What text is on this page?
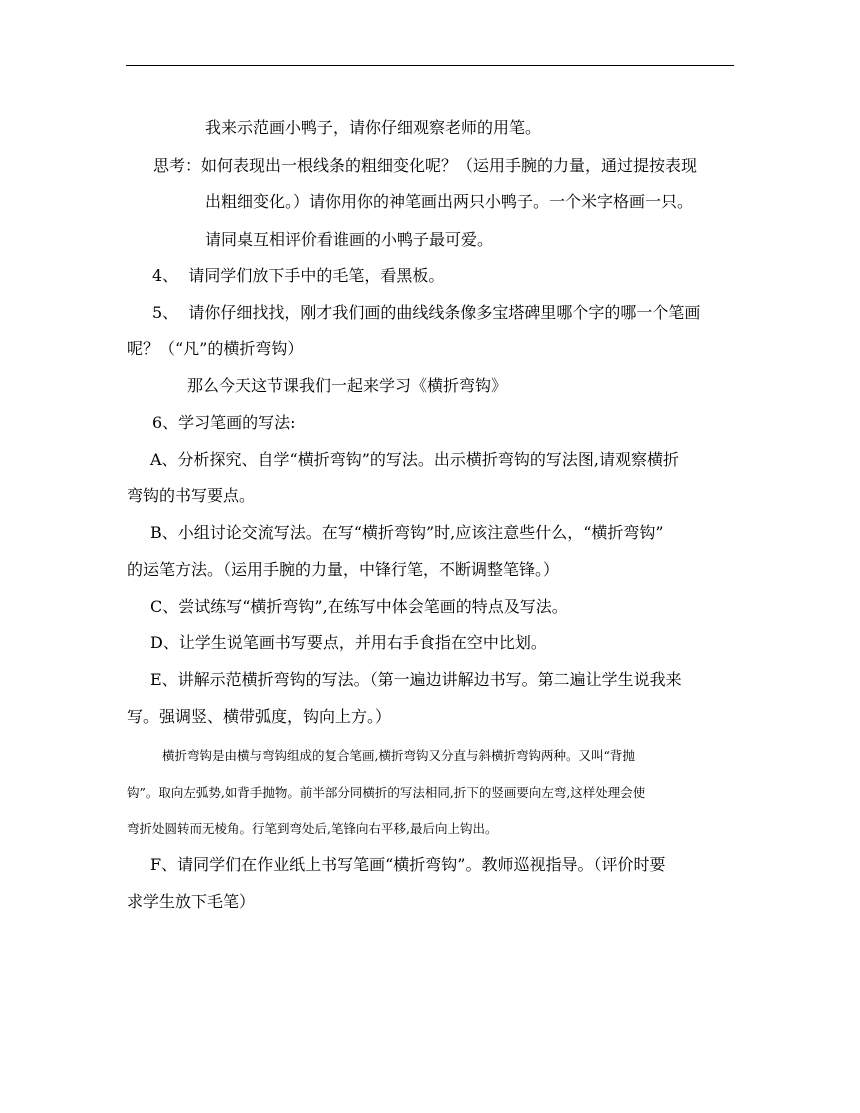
我来示范画小鸭子，请你仔细观察老师的用笔。
思考：如何表现出一根线条的粗细变化呢？（运用手腕的力量，通过提按表现
出粗细变化。）请你用你的神笔画出两只小鸭子。一个米字格画一只。
请同桌互相评价看谁画的小鸭子最可爱。
4、  请同学们放下手中的毛笔，看黑板。
5、  请你仔细找找，刚才我们画的曲线线条像多宝塔碑里哪个字的哪一个笔画
呢？（“凡”的横折弯钩）
那么今天这节课我们一起来学习《横折弯钩》
6、学习笔画的写法:
A、分析探究、自学“横折弯钩”的写法。出示横折弯钩的写法图,请观察横折
弯钩的书写要点。
B、小组讨论交流写法。在写“横折弯钩”时,应该注意些什么，“横折弯钩”
的运笔方法。（运用手腕的力量，中锋行笔，不断调整笔锋。）
C、尝试练写“横折弯钩”,在练写中体会笔画的特点及写法。
D、让学生说笔画书写要点，并用右手食指在空中比划。
E、讲解示范横折弯钩的写法。（第一遍边讲解边书写。第二遍让学生说我来
写。强调竖、横带弧度，钩向上方。）
横折弯钩是由横与弯钩组成的复合笔画,横折弯钩又分直与斜横折弯钩两种。又叫“背抛
钩”。取向左弧势,如背手抛物。前半部分同横折的写法相同,折下的竖画要向左弯,这样处理会使
弯折处圆转而无棱角。行笔到弯处后,笔锋向右平移,最后向上钩出。
F、请同学们在作业纸上书写笔画“横折弯钩”。教师巡视指导。（评价时要
求学生放下毛笔）
